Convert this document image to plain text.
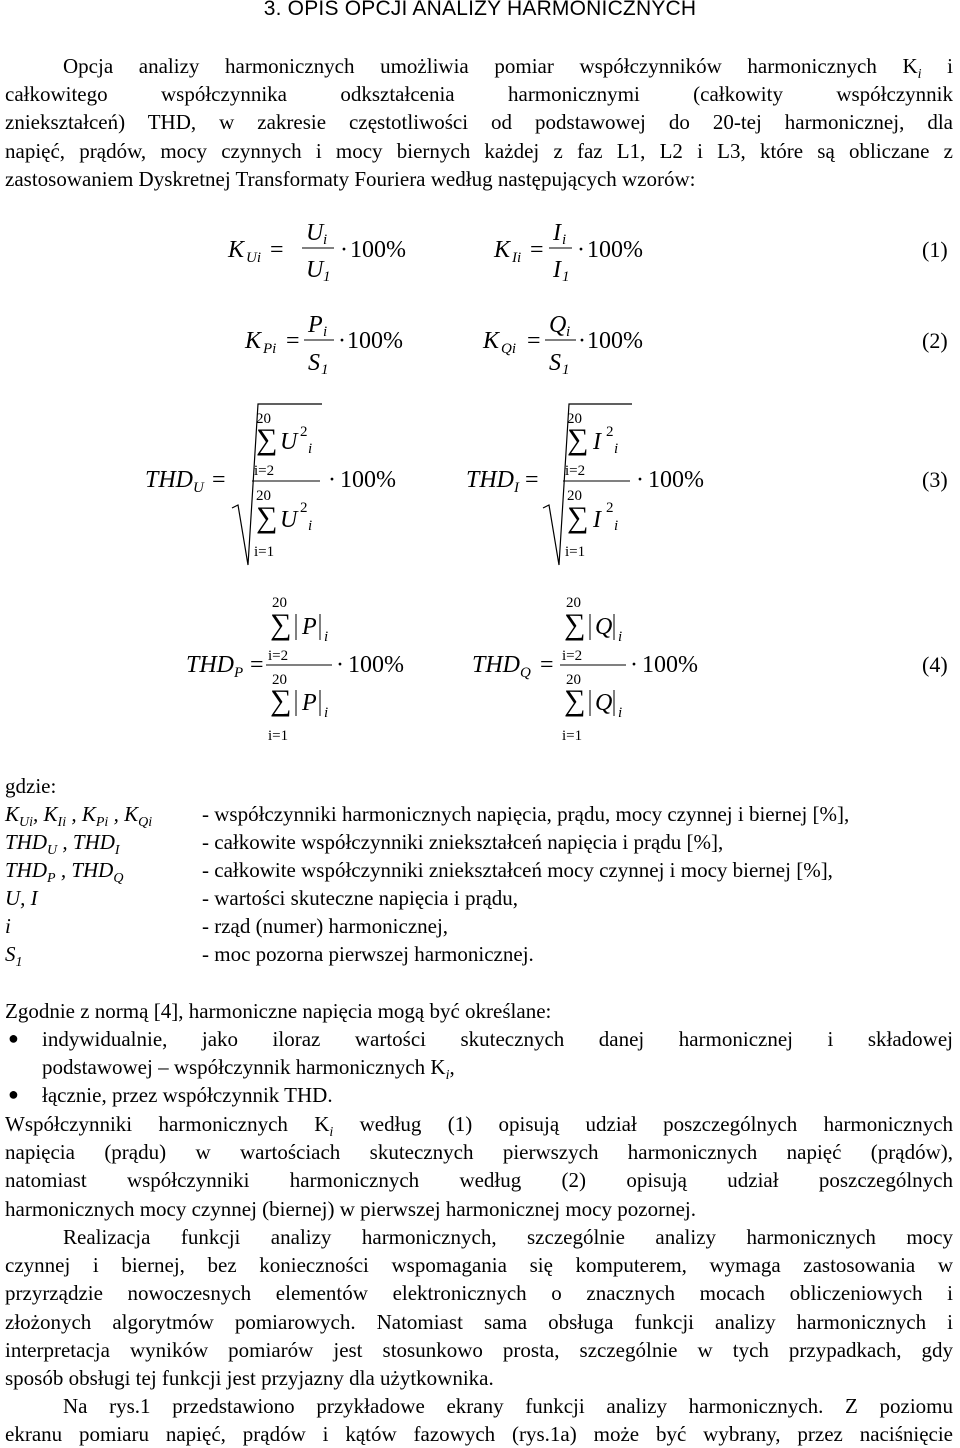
3. OPIS OPCJI ANALIZY HARMONICZNYCH
Opcja analizy harmonicznych umożliwia pomiar współczynników harmonicznych $K_i$ i
całkowitego współczynnika odkształcenia harmonicznymi (całkowity współczynnik
zniekształceń) THD, w zakresie częstotliwości od podstawowej do 20-tej harmonicznej, dla
napięć, prądów, mocy czynnych i mocy biernych każdej z faz L1, L2 i L3, które są obliczane z
zastosowaniem Dyskretnej Transformaty Fouriera według następujących wzorów:
K Ui =
U i
U 1
· 100%	K Ii =
I i
I 1
· 100%	(1)
K Pi =
P i
S 1
· 100%	K Qi =
Q i
S 1
· 100%	(2)
THD U =
20
∑ U 2
i
i=2
20
∑ U 2
i
i=1
· 100%	THD I =
20
∑ I 2
i
i=2
20
∑ I 2
i
i=1
· 100%	(3)
THD P =
20
∑ P i
i=2
20
∑ P i
i=1
· 100%	THD Q =
20
∑ Q i
i=2
20
∑ Q i
i=1
· 100%	(4)
gdzie:
$K_{Ui}$, $K_{Ii}$ , $K_{Pi}$ , $K_{Qi}$ - współczynniki harmonicznych napięcia, prądu, mocy czynnej i biernej [%],
$THD_U$ , $THD_I$	- całkowite współczynniki zniekształceń napięcia i prądu [%],
$THD_P$ , $THD_Q$	- całkowite współczynniki zniekształceń mocy czynnej i mocy biernej [%],
U, I	- wartości skuteczne napięcia i prądu,
i	- rząd (numer) harmonicznej,
$S_1$	- moc pozorna pierwszej harmonicznej.
Zgodnie z normą [4], harmoniczne napięcia mogą być określane:
● indywidualnie, jako iloraz wartości skutecznych danej harmonicznej i składowej
podstawowej – współczynnik harmonicznych $K_i$,
● łącznie, przez współczynnik THD.
Współczynniki harmonicznych $K_i$ według (1) opisują udział poszczególnych harmonicznych
napięcia (prądu) w wartościach skutecznych pierwszych harmonicznych napięć (prądów),
natomiast współczynniki harmonicznych według (2) opisują udział poszczególnych
harmonicznych mocy czynnej (biernej) w pierwszej harmonicznej mocy pozornej.
Realizacja funkcji analizy harmonicznych, szczególnie analizy harmonicznych mocy
czynnej i biernej, bez konieczności wspomagania się komputerem, wymaga zastosowania w
przyrządzie nowoczesnych elementów elektronicznych o znacznych mocach obliczeniowych i
złożonych algorytmów pomiarowych. Natomiast sama obsługa funkcji analizy harmonicznych i
interpretacja wyników pomiarów jest stosunkowo prosta, szczególnie w tych przypadkach, gdy
sposób obsługi tej funkcji jest przyjazny dla użytkownika.
Na rys.1 przedstawiono przykładowe ekrany funkcji analizy harmonicznych. Z poziomu
ekranu pomiaru napięć, prądów i kątów fazowych (rys.1a) może być wybrany, przez naciśnięcie
